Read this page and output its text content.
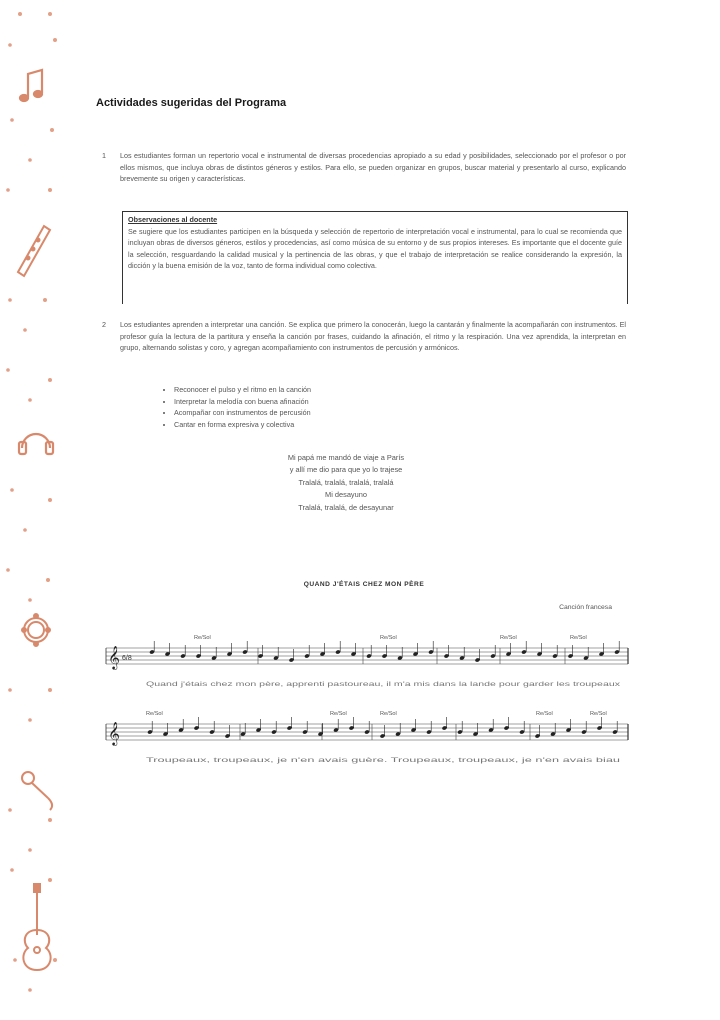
Actividades sugeridas del Programa
1 Los estudiantes forman un repertorio vocal e instrumental de diversas procedencias apropiado a su edad y posibilidades, seleccionado por el profesor o por ellos mismos, que incluya obras de distintos géneros y estilos. Para ello, se pueden organizar en grupos, buscar material y presentarlo al curso, explicando brevemente su origen y características.
Observaciones al docente
Se sugiere que los estudiantes participen en la búsqueda y selección de repertorio de interpretación vocal e instrumental, para lo cual se recomienda que incluyan obras de diversos géneros, estilos y procedencias, así como música de su entorno y de sus propios intereses. Es importante que el docente guíe la selección, resguardando la calidad musical y la pertinencia de las obras, y que el trabajo de interpretación se realice considerando la expresión, la dicción y la buena emisión de la voz, tanto de forma individual como colectiva.
2 Los estudiantes aprenden a interpretar una canción. Se explica que primero la conocerán, luego la cantarán y finalmente la acompañarán con instrumentos. El profesor guía la lectura de la partitura y enseña la canción por frases, cuidando la afinación, el ritmo y la respiración. Una vez aprendida, la interpretan en grupo, alternando solistas y coro, y agregan acompañamiento con instrumentos de percusión y armónicos.
• Reconocer el pulso y el ritmo en la canción
• Interpretar la melodía con buena afinación
• Acompañar con instrumentos de percusión
• Cantar en forma expresiva y colectiva
Mi papá me mandó de viaje a París
y allí me dio para que yo lo trajese
Tralalá, tralalá, tralalá, tralalá
Mi desayuno
Tralalá, tralalá, de desayunar
QUAND J'ÉTAIS CHEZ MON PÈRE
Canción francesa
𝄞
Re/Sol	Re/Sol	Re/Sol	Re/Sol
𝄞
Re/Sol	Re/Sol	Re/Sol	Re/Sol	Re/Sol
6/8
Quand j'étais chez mon père, apprenti pastoureau, il m'a mis dans la lande pour garder les troupeaux
Troupeaux, troupeaux, je n'en avais guère. Troupeaux, troupeaux, je n'en avais biau
